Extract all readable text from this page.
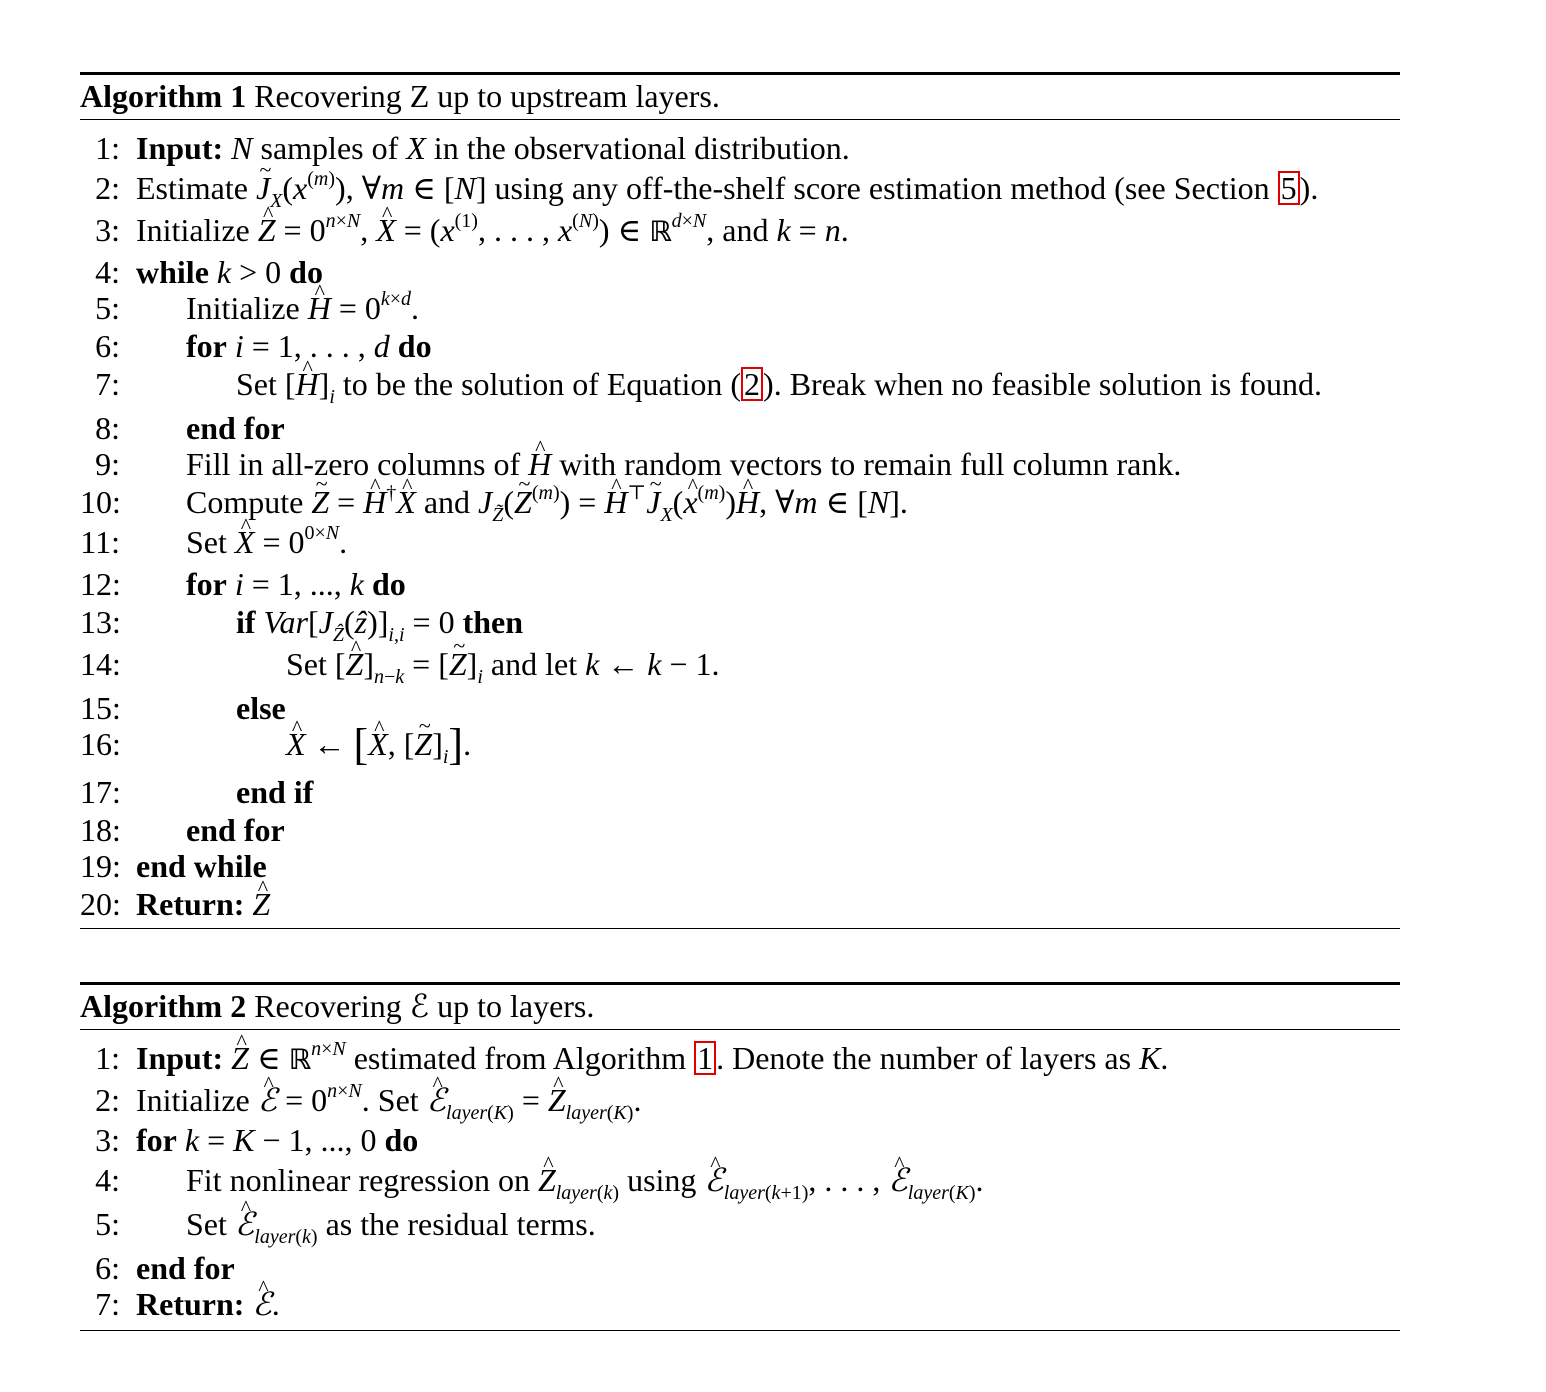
Algorithm 1 Recovering Z up to upstream layers.
1: Input: N samples of X in the observational distribution.
2: Estimate J $\sim_X(x^{(m)})$, ∀m ∈ [N] using any off-the-shelf score estimation method (see Section 5).
3: Initialize Z ^ = $0^{n\times N}$, X ^ = ($x^{(1)}$, . . . , $x^{(N)}$) ∈ ℝ$^{d\times N}$, and k = n.
4: while k > 0 do
5: Initialize H ^ = $0^{k\times d}$.
6: for i = 1, . . . , d do
7:	Set [H $\^{}]_i$ to be the solution of Equation (2). Break when no feasible solution is found.
8: end for
9: Fill in all-zero columns of H ^ with random vectors to remain full column rank.
10: Compute Z ~ = H ^†X ^ and $J_{Z̃}(Z$ ~$^{(m)}$) = H ^⊤J $\sim_X(x$ ^$^{(m)}$)H ^, ∀m ∈ [N].
11: Set X ^ = $0^{0\times N}$.
12: for i = 1, ..., k do
13:	if $Var[J_Ẑ(ẑ)]_{i,i} = 0$ then
14:	Set [Z $\^{}]_{n-k} = [Z$ $\sim]_i$ and let k ← k − 1.
15:	else
16:	X ^ ← [X ^, [Z $\sim]_i$].
17:	end if
18: end for
19: end while
20: Return: Z ^
Algorithm 2 Recovering ℰ up to layers.
1: Input: Z ^ ∈ ℝ$^{n\times N}$ estimated from Algorithm 1. Denote the number of layers as K.
2: Initialize ℰ ^ = $0^{n\times N}$. Set ℰ $\^{}_{layer(K)} = Z$ $\^{}_{layer(K)}$.
3: for k = K − 1, ..., 0 do
4: Fit nonlinear regression on Z $\^{}_{layer(k)}$ using ℰ $\^{}_{layer(k+1)}$, . . . , ℰ $\^{}_{layer(K)}$.
5: Set ℰ $\^{}_{layer(k)}$ as the residual terms.
6: end for
7: Return: ℰ ^.
